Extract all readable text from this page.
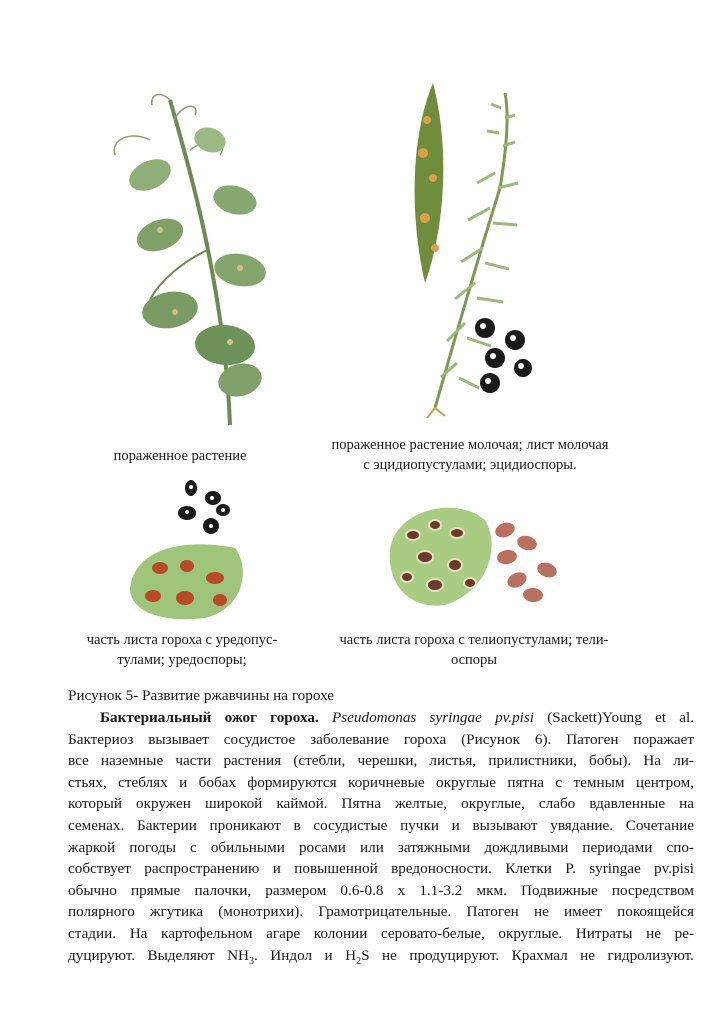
пораженное растение
пораженное растение молочая; лист молочая
с эцидиопустулами; эцидиоспоры.
часть листа гороха с уредопус-
тулами; уредоспоры;
часть листа гороха с телиопустулами; тели-
оспоры
Рисунок 5- Развитие ржавчины на горохе
Бактериальный ожог гороха. Pseudomonas syringae pv.pisi (Sackett)Young et al.
Бактериоз вызывает сосудистое заболевание гороха (Рисунок 6). Патоген поражает
все наземные части растения (стебли, черешки, листья, прилистники, бобы). На ли-
стьях, стеблях и бобах формируются коричневые округлые пятна с темным центром,
который окружен широкой каймой. Пятна желтые, округлые, слабо вдавленные на
семенах. Бактерии проникают в сосудистые пучки и вызывают увядание. Сочетание
жаркой погоды с обильными росами или затяжными дождливыми периодами спо-
собствует распространению и повышенной вредоносности. Клетки P. syringae pv.pisi
обычно прямые палочки, размером 0.6-0.8 х 1.1-3.2 мкм. Подвижные посредством
полярного жгутика (монотрихи). Грамотрицательные. Патоген не имеет покоящейся
стадии. На картофельном агаре колонии серовато-белые, округлые. Нитраты не ре-
дуцируют. Выделяют $NH_3$. Индол и $H_2S$ не продуцируют. Крахмал не гидролизуют.
